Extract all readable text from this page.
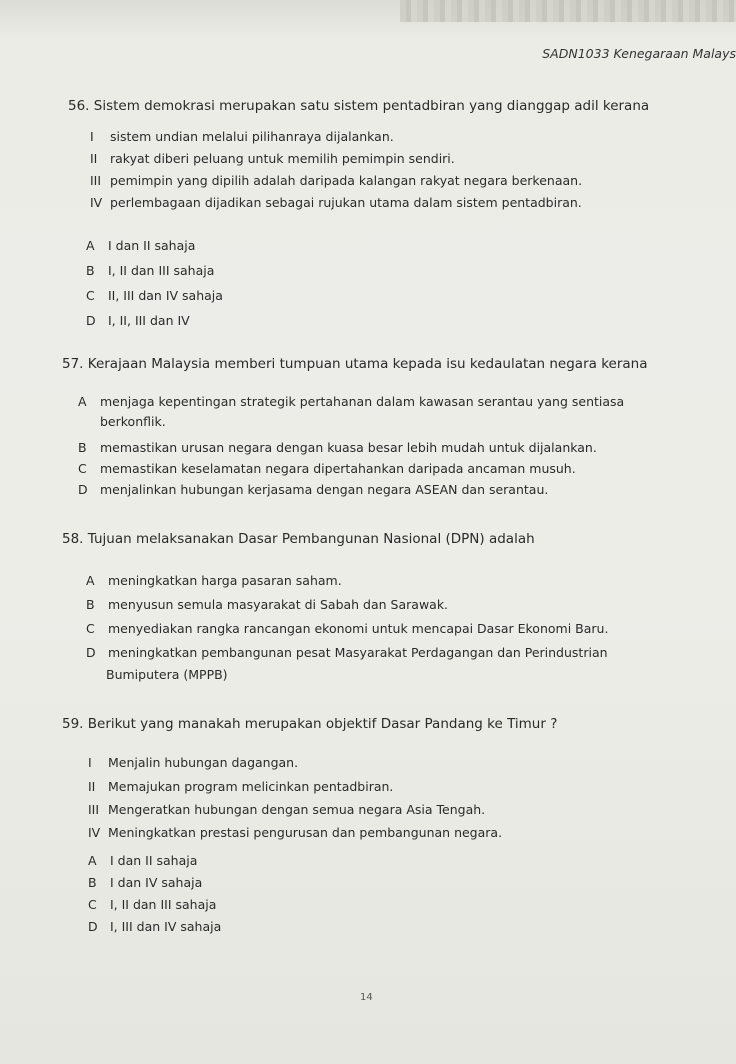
SADN1033 Kenegaraan Malays
56. Sistem demokrasi merupakan satu sistem pentadbiran yang dianggap adil kerana
I sistem undian melalui pilihanraya dijalankan.
II rakyat diberi peluang untuk memilih pemimpin sendiri.
III pemimpin yang dipilih adalah daripada kalangan rakyat negara berkenaan.
IV perlembagaan dijadikan sebagai rujukan utama dalam sistem pentadbiran.
A I dan II sahaja
B I, II dan III sahaja
C II, III dan IV sahaja
D I, II, III dan IV
57. Kerajaan Malaysia memberi tumpuan utama kepada isu kedaulatan negara kerana
A menjaga kepentingan strategik pertahanan dalam kawasan serantau yang sentiasa
berkonflik.
B memastikan urusan negara dengan kuasa besar lebih mudah untuk dijalankan.
C memastikan keselamatan negara dipertahankan daripada ancaman musuh.
D menjalinkan hubungan kerjasama dengan negara ASEAN dan serantau.
58. Tujuan melaksanakan Dasar Pembangunan Nasional (DPN) adalah
A meningkatkan harga pasaran saham.
B menyusun semula masyarakat di Sabah dan Sarawak.
C menyediakan rangka rancangan ekonomi untuk mencapai Dasar Ekonomi Baru.
D meningkatkan pembangunan pesat Masyarakat Perdagangan dan Perindustrian
Bumiputera (MPPB)
59. Berikut yang manakah merupakan objektif Dasar Pandang ke Timur ?
I Menjalin hubungan dagangan.
II Memajukan program melicinkan pentadbiran.
III Mengeratkan hubungan dengan semua negara Asia Tengah.
IV Meningkatkan prestasi pengurusan dan pembangunan negara.
A I dan II sahaja
B I dan IV sahaja
C I, II dan III sahaja
D I, III dan IV sahaja
14
